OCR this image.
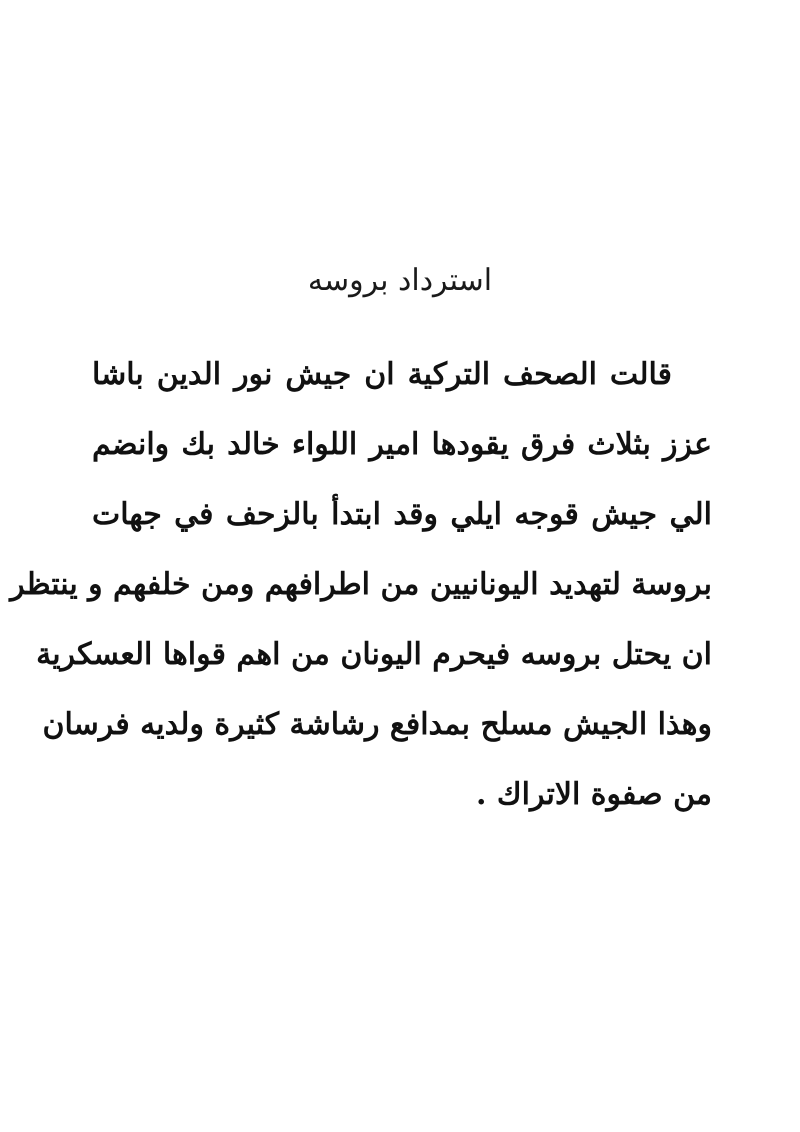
استرداد بروسه
قالت الصحف التركية ان جيش نور الدين باشا
عزز بثلاث فرق يقودها امير اللواء خالد بك وانضم
الي جيش قوجه ايلي وقد ابتدأ بالزحف في جهات
بروسة لتهديد اليونانيين من اطرافهم ومن خلفهم و ينتظر
ان يحتل بروسه فيحرم اليونان من اهم قواها العسكرية
وهذا الجيش مسلح بمدافع رشاشة كثيرة ولديه فرسان
من صفوة الاتراك .
